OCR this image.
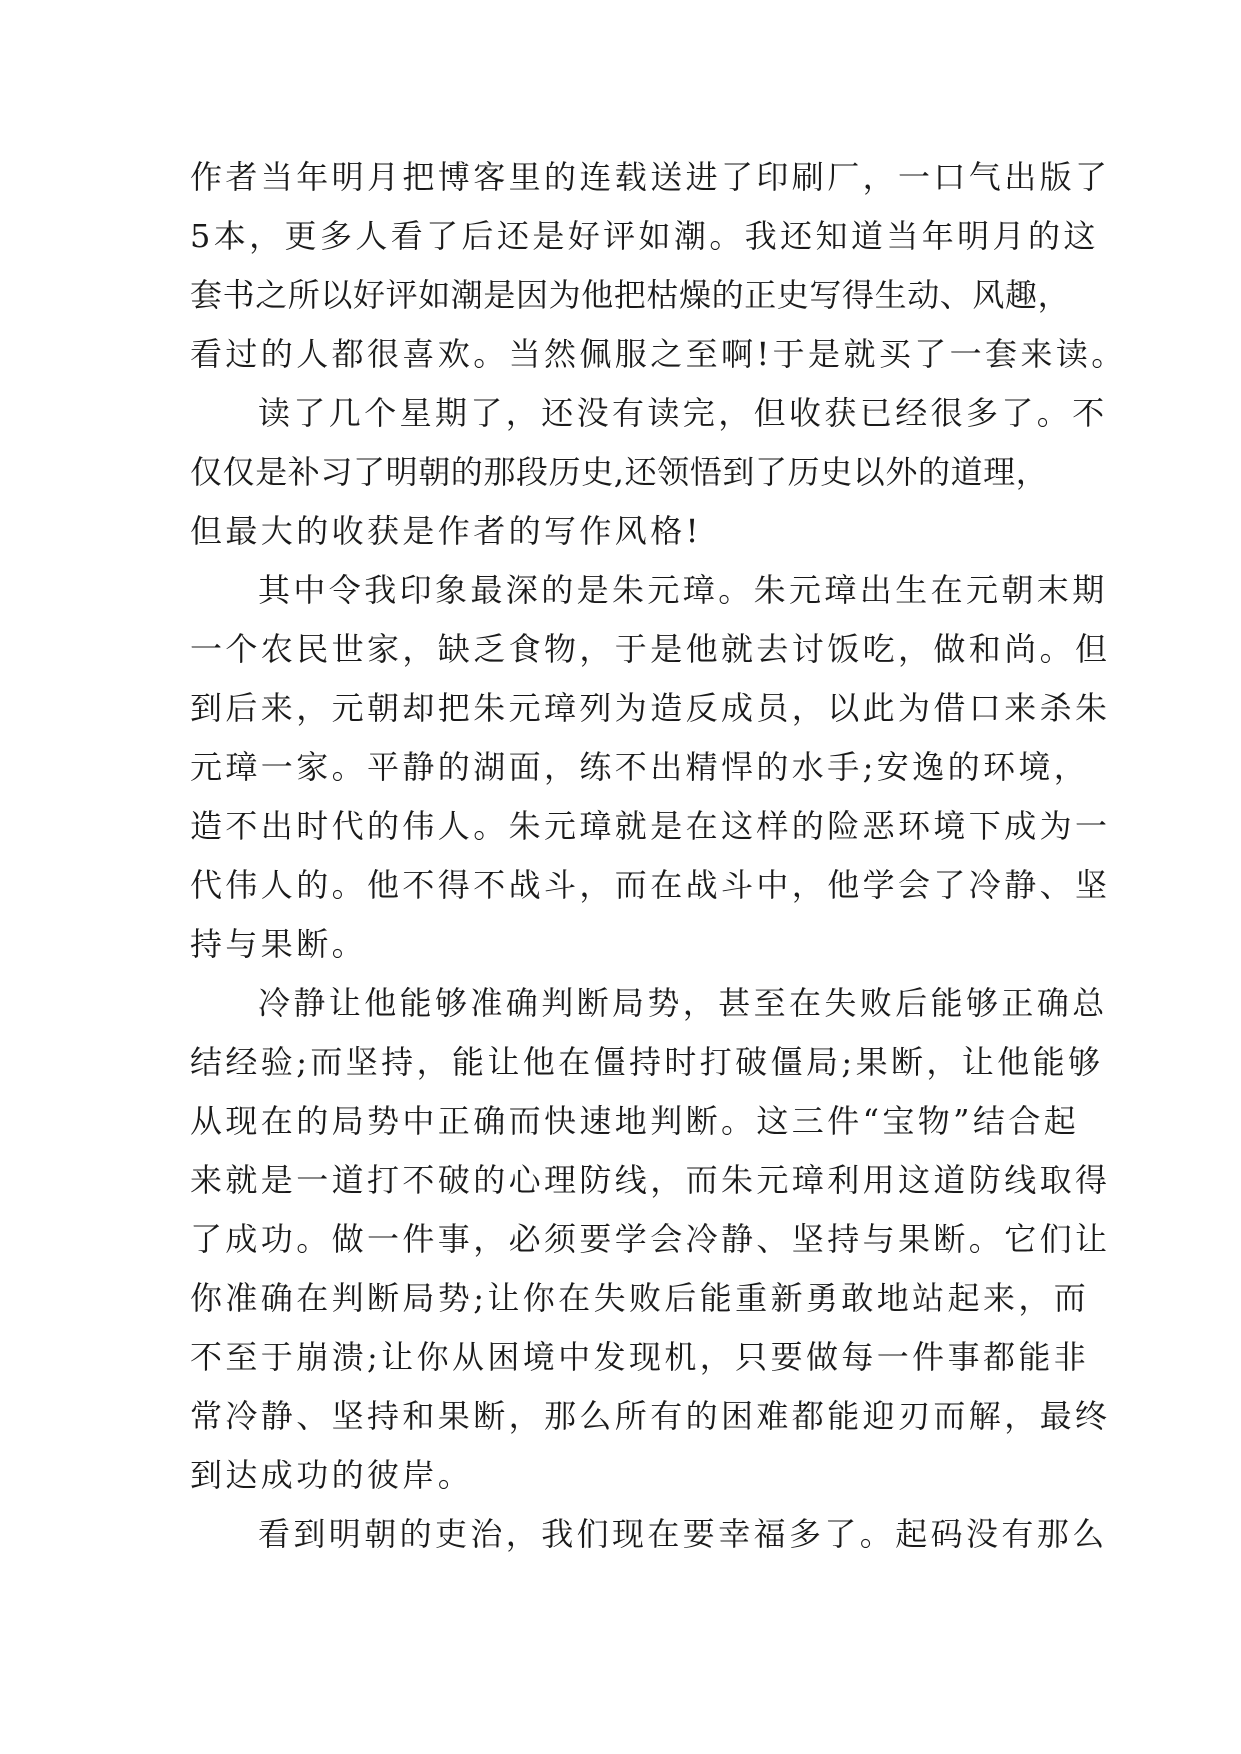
作者当年明月把博客里的连载送进了印刷厂，一口气出版了
5本，更多人看了后还是好评如潮。我还知道当年明月的这
套书之所以好评如潮是因为他把枯燥的正史写得生动、风趣，
看过的人都很喜欢。当然佩服之至啊!于是就买了一套来读。
读了几个星期了，还没有读完，但收获已经很多了。不
仅仅是补习了明朝的那段历史,还领悟到了历史以外的道理，
但最大的收获是作者的写作风格!
其中令我印象最深的是朱元璋。朱元璋出生在元朝末期
一个农民世家，缺乏食物，于是他就去讨饭吃，做和尚。但
到后来，元朝却把朱元璋列为造反成员，以此为借口来杀朱
元璋一家。平静的湖面，练不出精悍的水手;安逸的环境，
造不出时代的伟人。朱元璋就是在这样的险恶环境下成为一
代伟人的。他不得不战斗，而在战斗中，他学会了冷静、坚
持与果断。
冷静让他能够准确判断局势，甚至在失败后能够正确总
结经验;而坚持，能让他在僵持时打破僵局;果断，让他能够
从现在的局势中正确而快速地判断。这三件“宝物”结合起
来就是一道打不破的心理防线，而朱元璋利用这道防线取得
了成功。做一件事，必须要学会冷静、坚持与果断。它们让
你准确在判断局势;让你在失败后能重新勇敢地站起来，而
不至于崩溃;让你从困境中发现机，只要做每一件事都能非
常冷静、坚持和果断，那么所有的困难都能迎刃而解，最终
到达成功的彼岸。
看到明朝的吏治，我们现在要幸福多了。起码没有那么
